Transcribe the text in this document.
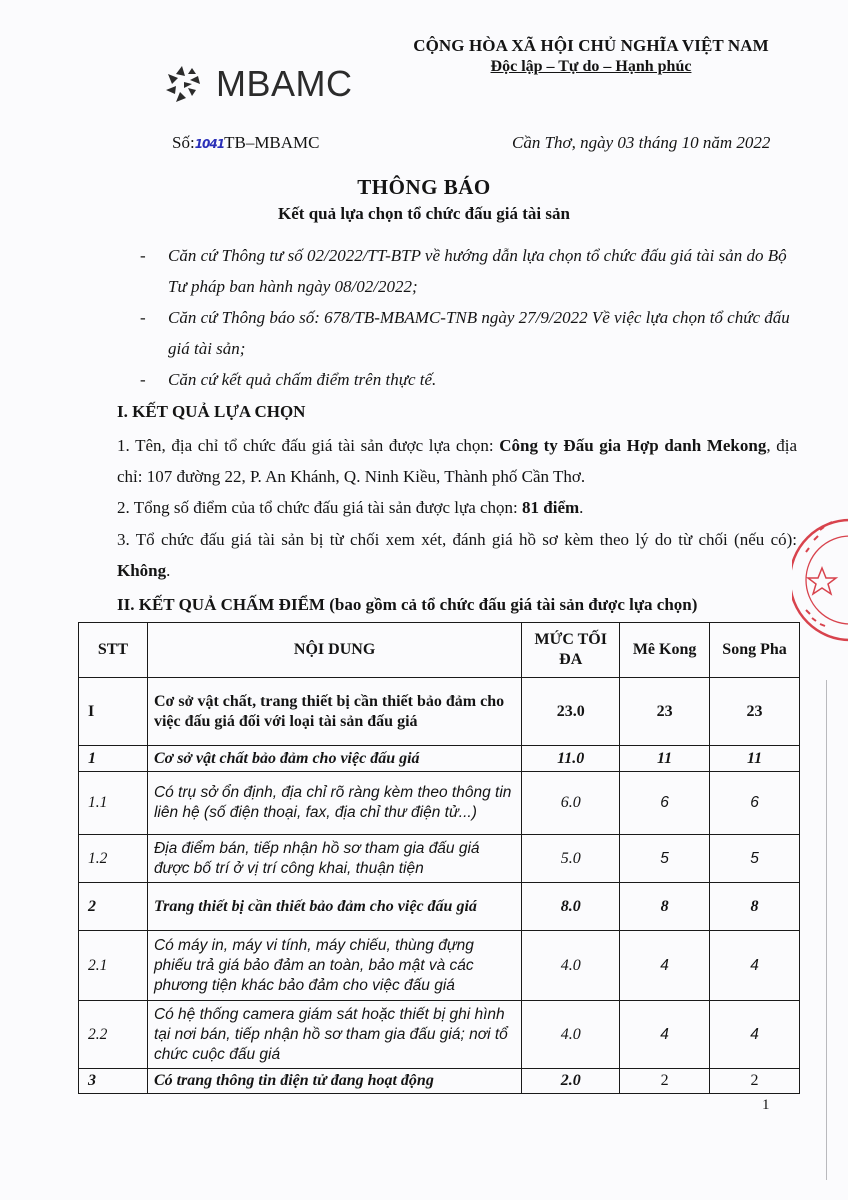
MBAMC
CỘNG HÒA XÃ HỘI CHỦ NGHĨA VIỆT NAM
Độc lập – Tự do – Hạnh phúc
Số:1041TB–MBAMC	Cần Thơ, ngày 03 tháng 10 năm 2022
THÔNG BÁO
Kết quả lựa chọn tổ chức đấu giá tài sản
- Căn cứ Thông tư số 02/2022/TT-BTP về hướng dẫn lựa chọn tổ chức đấu giá tài sản do Bộ Tư pháp ban hành ngày 08/02/2022;
- Căn cứ Thông báo số: 678/TB-MBAMC-TNB ngày 27/9/2022 Về việc lựa chọn tổ chức đấu giá tài sản;
- Căn cứ kết quả chấm điểm trên thực tế.
I. KẾT QUẢ LỰA CHỌN
1. Tên, địa chỉ tổ chức đấu giá tài sản được lựa chọn: Công ty Đấu gia Hợp danh Mekong, địa chỉ: 107 đường 22, P. An Khánh, Q. Ninh Kiều, Thành phố Cần Thơ.
2. Tổng số điểm của tổ chức đấu giá tài sản được lựa chọn: 81 điểm.
3. Tổ chức đấu giá tài sản bị từ chối xem xét, đánh giá hồ sơ kèm theo lý do từ chối (nếu có): Không.
II. KẾT QUẢ CHẤM ĐIỂM (bao gồm cả tổ chức đấu giá tài sản được lựa chọn)
STT	NỘI DUNG	MỨC TỐI ĐA	Mê Kong	Song Pha
I	Cơ sở vật chất, trang thiết bị cần thiết bảo đảm cho việc đấu giá đối với loại tài sản đấu giá	23.0	23	23
1	Cơ sở vật chất bảo đảm cho việc đấu giá	11.0	11	11
1.1	Có trụ sở ổn định, địa chỉ rõ ràng kèm theo thông tin liên hệ (số điện thoại, fax, địa chỉ thư điện tử...)	6.0	6	6
1.2	Địa điểm bán, tiếp nhận hồ sơ tham gia đấu giá được bố trí ở vị trí công khai, thuận tiện	5.0	5	5
2	Trang thiết bị cần thiết bảo đảm cho việc đấu giá	8.0	8	8
2.1	Có máy in, máy vi tính, máy chiếu, thùng đựng phiếu trả giá bảo đảm an toàn, bảo mật và các phương tiện khác bảo đảm cho việc đấu giá	4.0	4	4
2.2	Có hệ thống camera giám sát hoặc thiết bị ghi hình tại nơi bán, tiếp nhận hồ sơ tham gia đấu giá; nơi tổ chức cuộc đấu giá	4.0	4	4
3	Có trang thông tin điện tử đang hoạt động	2.0	2	2
1
